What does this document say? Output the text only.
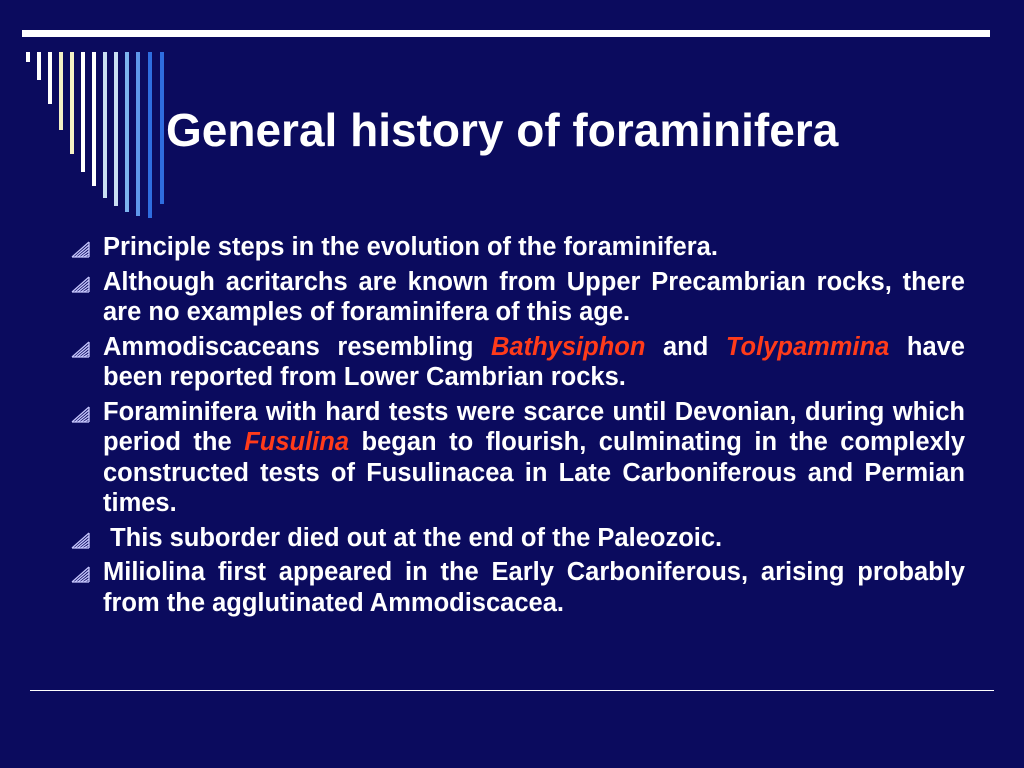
General history of foraminifera
Principle steps in the evolution of the foraminifera.
Although acritarchs are known from Upper Precambrian rocks, there are no examples of foraminifera of this age.
Ammodiscaceans resembling Bathysiphon and Tolypammina have been reported from Lower Cambrian rocks.
Foraminifera with hard tests were scarce until Devonian, during which period the Fusulina began to flourish, culminating in the complexly constructed tests of Fusulinacea in Late Carboniferous and Permian times.
This suborder died out at the end of the Paleozoic.
Miliolina first appeared in the Early Carboniferous, arising probably from the agglutinated Ammodiscacea.
